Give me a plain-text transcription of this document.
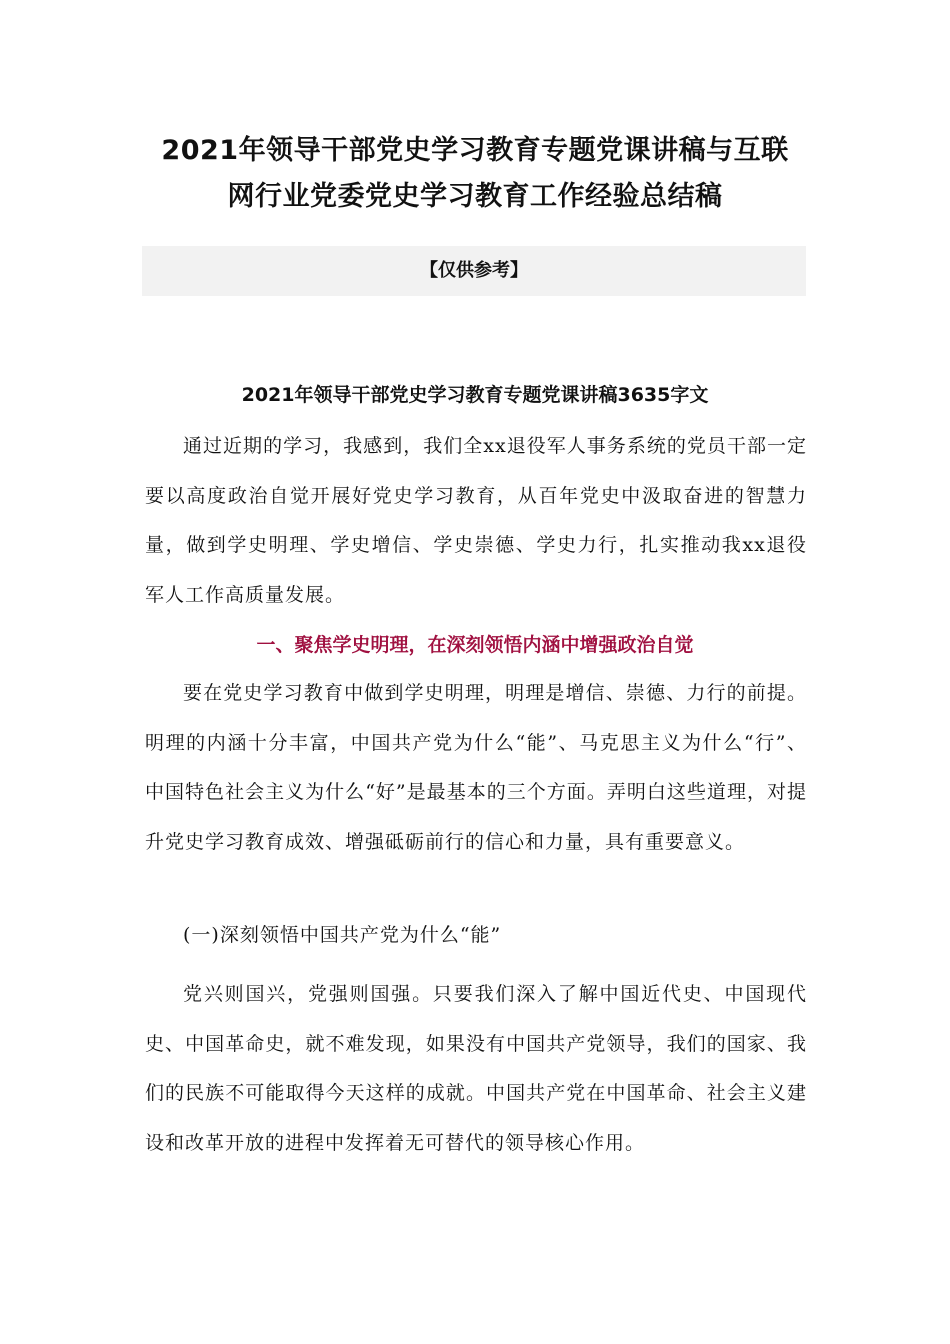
2021年领导干部党史学习教育专题党课讲稿与互联
网行业党委党史学习教育工作经验总结稿
【仅供参考】
2021年领导干部党史学习教育专题党课讲稿3635字文

通过近期的学习，我感到，我们全xx退役军人事务系统的党员干部一定要以高度政治自觉开展好党史学习教育，从百年党史中汲取奋进的智慧力量，做到学史明理、学史增信、学史崇德、学史力行，扎实推动我xx退役军人工作高质量发展。

一、聚焦学史明理，在深刻领悟内涵中增强政治自觉

要在党史学习教育中做到学史明理，明理是增信、崇德、力行的前提。明理的内涵十分丰富，中国共产党为什么“能”、马克思主义为什么“行”、中国特色社会主义为什么“好”是最基本的三个方面。弄明白这些道理，对提升党史学习教育成效、增强砥砺前行的信心和力量，具有重要意义。

(一)深刻领悟中国共产党为什么“能”

党兴则国兴，党强则国强。只要我们深入了解中国近代史、中国现代史、中国革命史，就不难发现，如果没有中国共产党领导，我们的国家、我们的民族不可能取得今天这样的成就。中国共产党在中国革命、社会主义建设和改革开放的进程中发挥着无可替代的领导核心作用。
